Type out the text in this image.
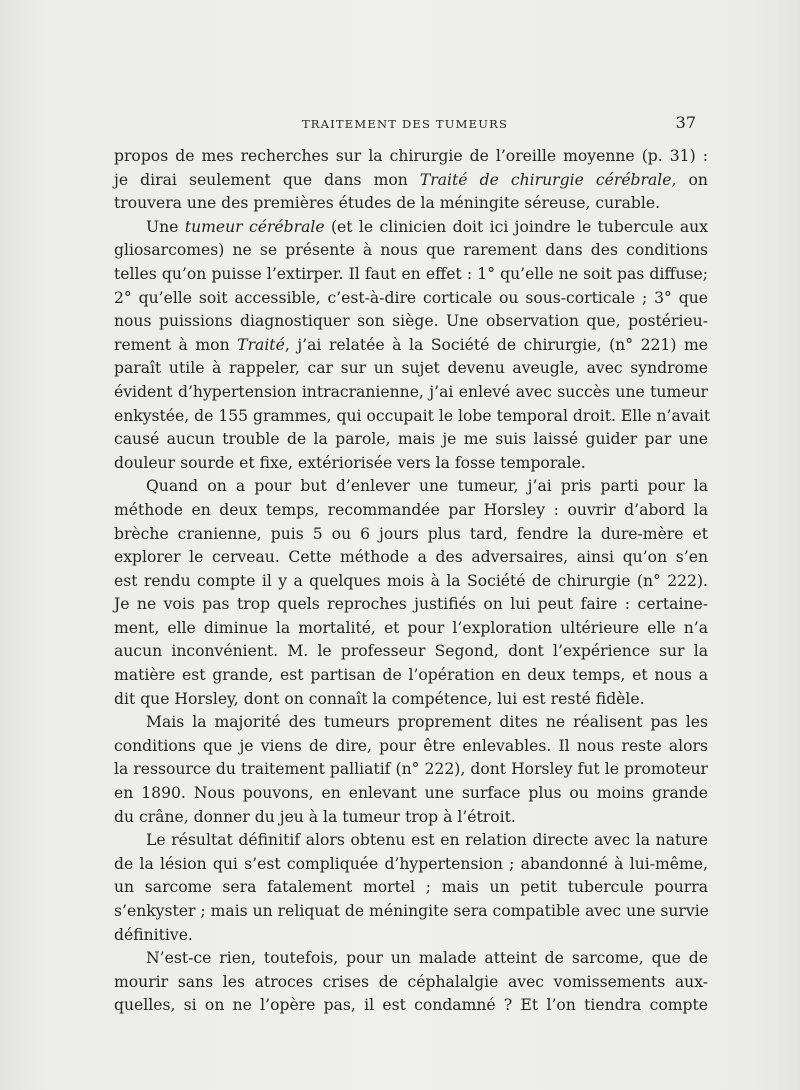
TRAITEMENT DES TUMEURS	37
propos de mes recherches sur la chirurgie de l’oreille moyenne (p. 31) :
je dirai seulement que dans mon Traité de chirurgie cérébrale, on
trouvera une des premières études de la méningite séreuse, curable.
Une tumeur cérébrale (et le clinicien doit ici joindre le tubercule aux
gliosarcomes) ne se présente à nous que rarement dans des conditions
telles qu’on puisse l’extirper. Il faut en effet : 1° qu’elle ne soit pas diffuse;
2° qu’elle soit accessible, c’est-à-dire corticale ou sous-corticale ; 3° que
nous puissions diagnostiquer son siège. Une observation que, postérieu-
rement à mon Traité, j’ai relatée à la Société de chirurgie, (n° 221) me
paraît utile à rappeler, car sur un sujet devenu aveugle, avec syndrome
évident d’hypertension intracranienne, j’ai enlevé avec succès une tumeur
enkystée, de 155 grammes, qui occupait le lobe temporal droit. Elle n’avait
causé aucun trouble de la parole, mais je me suis laissé guider par une
douleur sourde et fixe, extériorisée vers la fosse temporale.
Quand on a pour but d’enlever une tumeur, j’ai pris parti pour la
méthode en deux temps, recommandée par Horsley : ouvrir d’abord la
brèche cranienne, puis 5 ou 6 jours plus tard, fendre la dure-mère et
explorer le cerveau. Cette méthode a des adversaires, ainsi qu’on s’en
est rendu compte il y a quelques mois à la Société de chirurgie (n° 222).
Je ne vois pas trop quels reproches justifiés on lui peut faire : certaine-
ment, elle diminue la mortalité, et pour l’exploration ultérieure elle n’a
aucun inconvénient. M. le professeur Segond, dont l’expérience sur la
matière est grande, est partisan de l’opération en deux temps, et nous a
dit que Horsley, dont on connaît la compétence, lui est resté fidèle.
Mais la majorité des tumeurs proprement dites ne réalisent pas les
conditions que je viens de dire, pour être enlevables. Il nous reste alors
la ressource du traitement palliatif (n° 222), dont Horsley fut le promoteur
en 1890. Nous pouvons, en enlevant une surface plus ou moins grande
du crâne, donner du jeu à la tumeur trop à l’étroit.
Le résultat définitif alors obtenu est en relation directe avec la nature
de la lésion qui s’est compliquée d’hypertension ; abandonné à lui-même,
un sarcome sera fatalement mortel ; mais un petit tubercule pourra
s’enkyster ; mais un reliquat de méningite sera compatible avec une survie
définitive.
N’est-ce rien, toutefois, pour un malade atteint de sarcome, que de
mourir sans les atroces crises de céphalalgie avec vomissements aux-
quelles, si on ne l’opère pas, il est condamné ? Et l’on tiendra compte
